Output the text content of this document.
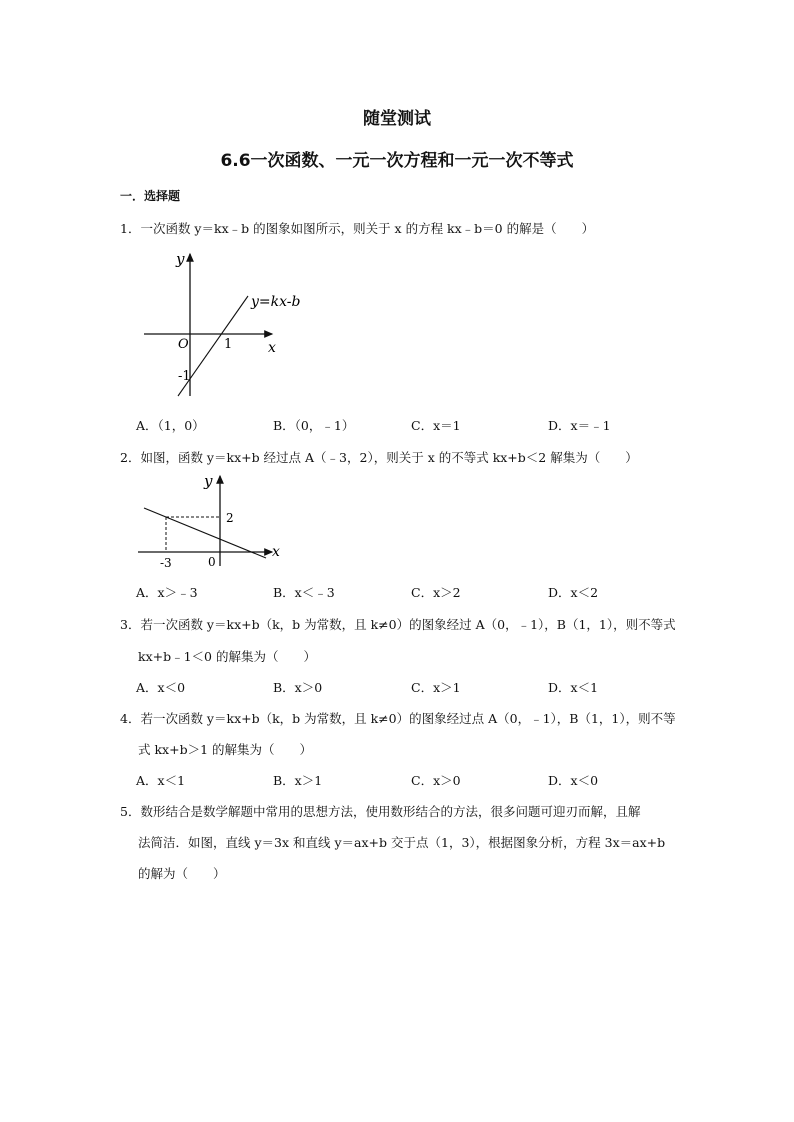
随堂测试
6.6一次函数、一元一次方程和一元一次不等式
一．选择题
1．一次函数 y＝kx﹣b 的图象如图所示，则关于 x 的方程 kx﹣b＝0 的解是（　　）
y
x
O	1
-1
y=kx-b
A．（1，0）	B．（0，﹣1）	C．x＝1	D．x＝﹣1
2．如图，函数 y＝kx+b 经过点 A（﹣3，2），则关于 x 的不等式 kx+b＜2 解集为（　　）
y
x
0
-3
2
A．x＞﹣3	B．x＜﹣3	C．x＞2	D．x＜2
3．若一次函数 y＝kx+b（k，b 为常数，且 k≠0）的图象经过 A（0，﹣1），B（1，1），则不等式
kx+b﹣1＜0 的解集为（　　）
A．x＜0	B．x＞0	C．x＞1	D．x＜1
4．若一次函数 y＝kx+b（k，b 为常数，且 k≠0）的图象经过点 A（0，﹣1），B（1，1），则不等
式 kx+b＞1 的解集为（　　）
A．x＜1	B．x＞1	C．x＞0	D．x＜0
5．数形结合是数学解题中常用的思想方法，使用数形结合的方法，很多问题可迎刃而解，且解
法简洁．如图，直线 y＝3x 和直线 y＝ax+b 交于点（1，3），根据图象分析，方程 3x＝ax+b
的解为（　　）
